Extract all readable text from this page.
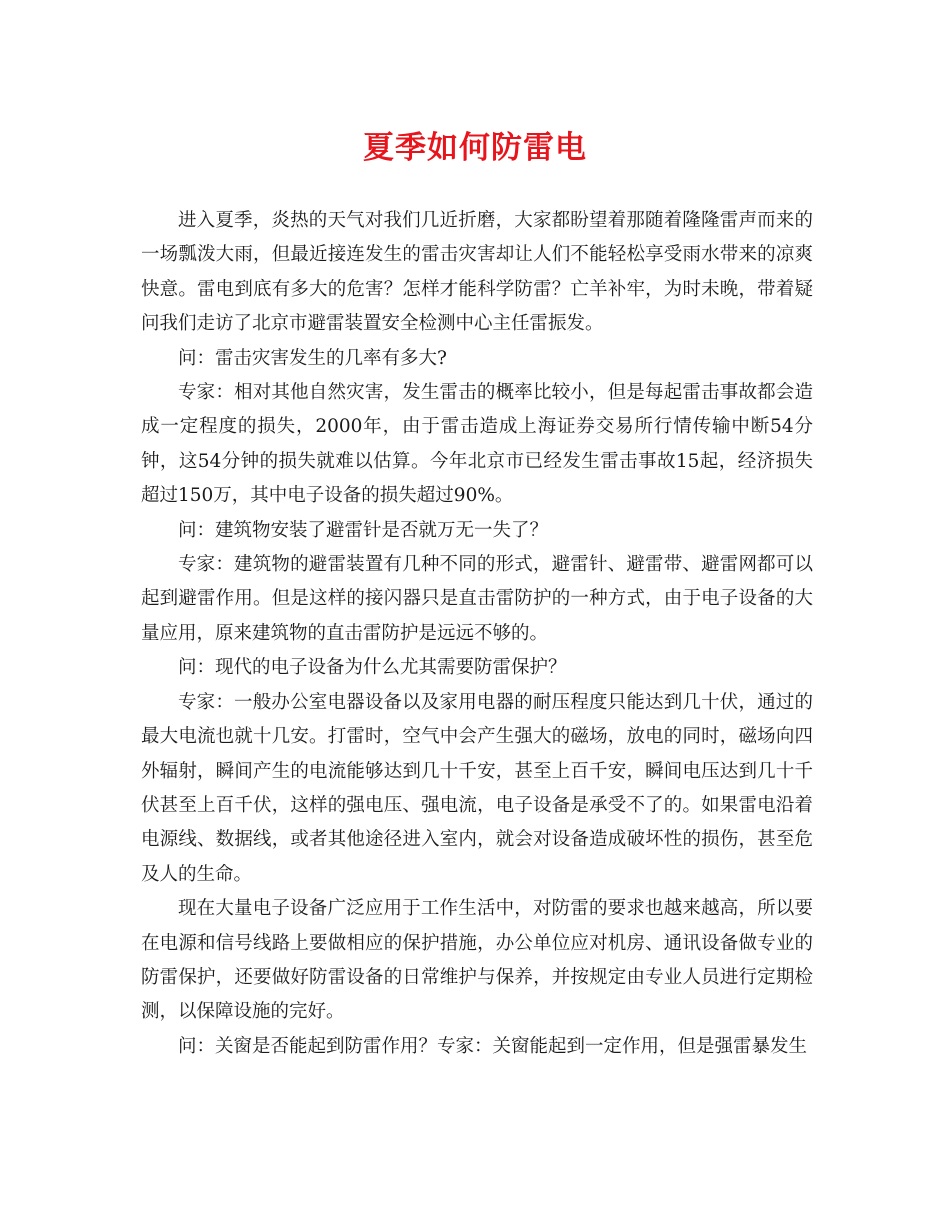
夏季如何防雷电

进入夏季，炎热的天气对我们几近折磨，大家都盼望着那随着隆隆雷声而来的一场瓢泼大雨，但最近接连发生的雷击灾害却让人们不能轻松享受雨水带来的凉爽快意。雷电到底有多大的危害？怎样才能科学防雷？亡羊补牢，为时未晚，带着疑问我们走访了北京市避雷装置安全检测中心主任雷振发。

问：雷击灾害发生的几率有多大?

专家：相对其他自然灾害，发生雷击的概率比较小，但是每起雷击事故都会造成一定程度的损失，2000年，由于雷击造成上海证券交易所行情传输中断54分钟，这54分钟的损失就难以估算。今年北京市已经发生雷击事故15起，经济损失超过150万，其中电子设备的损失超过90%。

问：建筑物安装了避雷针是否就万无一失了？

专家：建筑物的避雷装置有几种不同的形式，避雷针、避雷带、避雷网都可以起到避雷作用。但是这样的接闪器只是直击雷防护的一种方式，由于电子设备的大量应用，原来建筑物的直击雷防护是远远不够的。

问：现代的电子设备为什么尤其需要防雷保护？

专家：一般办公室电器设备以及家用电器的耐压程度只能达到几十伏，通过的最大电流也就十几安。打雷时，空气中会产生强大的磁场，放电的同时，磁场向四外辐射，瞬间产生的电流能够达到几十千安，甚至上百千安，瞬间电压达到几十千伏甚至上百千伏，这样的强电压、强电流，电子设备是承受不了的。如果雷电沿着电源线、数据线，或者其他途径进入室内，就会对设备造成破坏性的损伤，甚至危及人的生命。

现在大量电子设备广泛应用于工作生活中，对防雷的要求也越来越高，所以要在电源和信号线路上要做相应的保护措施，办公单位应对机房、通讯设备做专业的防雷保护，还要做好防雷设备的日常维护与保养，并按规定由专业人员进行定期检测，以保障设施的完好。

问：关窗是否能起到防雷作用？专家：关窗能起到一定作用，但是强雷暴发生
